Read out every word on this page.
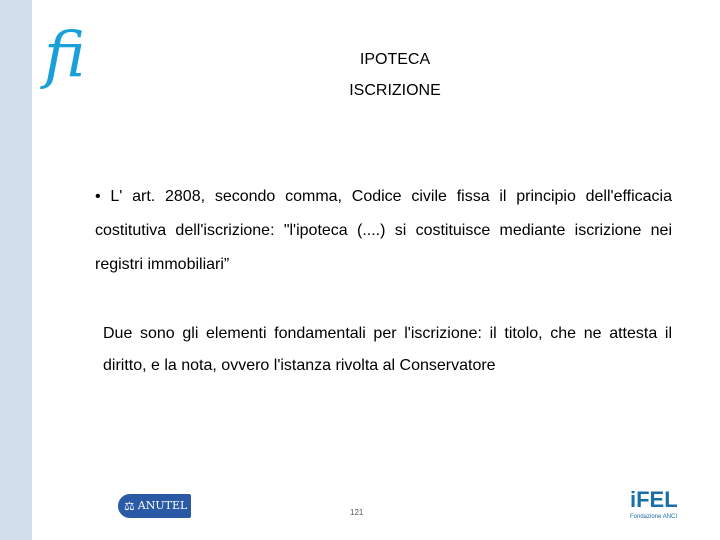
fi	IPOTECA
ISCRIZIONE
• L' art. 2808, secondo comma, Codice civile fissa il principio dell'efficacia costitutiva dell'iscrizione: "l'ipoteca (....) si costituisce mediante iscrizione nei registri immobiliari”
Due sono gli elementi fondamentali per l'iscrizione: il titolo, che ne attesta il diritto, e la nota, ovvero l'istanza rivolta al Conservatore
⚖ ANUTEL
121
iFEL
Fondazione ANCI
